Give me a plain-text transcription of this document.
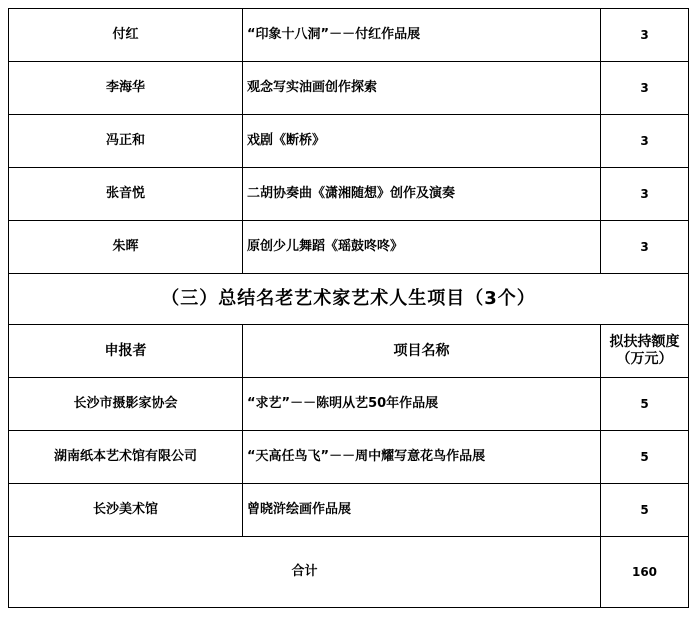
付红	“印象十八洞”－－付红作品展	3
李海华	观念写实油画创作探索	3
冯正和	戏剧《断桥》	3
张音悦	二胡协奏曲《潇湘随想》创作及演奏	3
朱晖	原创少儿舞蹈《瑶鼓咚咚》	3
（三）总结名老艺术家艺术人生项目（3个）		
申报者	项目名称	拟扶持额度
（万元）

长沙市摄影家协会	“求艺”－－陈明从艺50年作品展	5
湖南纸本艺术馆有限公司	“天高任鸟飞”－－周中耀写意花鸟作品展	5
长沙美术馆	曾晓浒绘画作品展	5
合计		160
